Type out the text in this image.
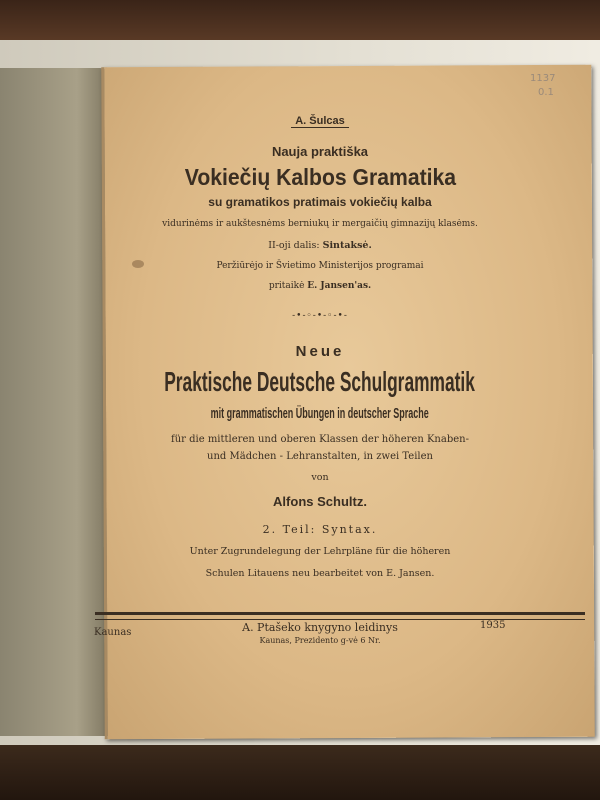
1137
0.1
A. Šulcas
Nauja praktiška
Vokiečių Kalbos Gramatika
su gramatikos pratimais vokiečių kalba
vidurinėms ir aukštesnėms berniukų ir mergaičių gimnazijų klasėms.
II-oji dalis: Sintaksė.
Peržiūrėjo ir Švietimo Ministerijos programai
pritaikė E. Jansen'as.
-•-◦-•-◦-•-
Neue
Praktische Deutsche Schulgrammatik
mit grammatischen Übungen in deutscher Sprache
für die mittleren und oberen Klassen der höheren Knaben-
und Mädchen - Lehranstalten, in zwei Teilen
von
Alfons Schultz.
2. Teil: Syntax.
Unter Zugrundelegung der Lehrpläne für die höheren
Schulen Litauens neu bearbeitet von E. Jansen.
Kaunas	A. Ptašeko knygyno leidinys
Kaunas, Prezidento g-vė 6 Nr.
1935
